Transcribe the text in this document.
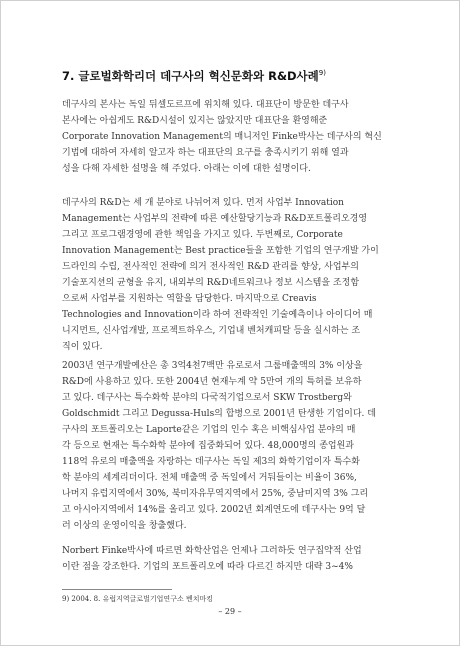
7. 글로벌화학리더 데구사의 혁신문화와 R&D사례$^{9)}$
데구사의 본사는 독일 뒤셀도르프에 위치해 있다. 대표단이 방문한 데구사
본사에는 아쉽게도 R&D시설이 있지는 않았지만 대표단을 환영해준
Corporate Innovation Management의 매니저인 Finke박사는 데구사의 혁신
기법에 대하여 자세히 알고자 하는 대표단의 요구를 충족시키기 위해 열과
성을 다해 자세한 설명을 해 주었다. 아래는 이에 대한 설명이다.
데구사의 R&D는 세 개 분야로 나뉘어져 있다. 먼저 사업부 Innovation
Management는 사업부의 전략에 따른 예산할당기능과 R&D포트폴리오경영
그리고 프로그램경영에 관한 책임을 가지고 있다. 두번째로, Corporate
Innovation Management는 Best practice들을 포함한 기업의 연구개발 가이
드라인의 수립, 전사적인 전략에 의거 전사적인 R&D 관리를 향상, 사업부의
기술포지션의 균형을 유지, 내외부의 R&D네트워크나 정보 시스템을 조정함
으로써 사업부를 지원하는 역할을 담당한다. 마지막으로 Creavis
Technologies and Innovation이라 하여 전략적인 기술예측이나 아이디어 매
니지먼트, 신사업개발, 프로젝트하우스, 기업내 벤처캐피탈 등을 실시하는 조
직이 있다.
2003년 연구개발예산은 총 3억4천7백만 유로로서 그룹매출액의 3% 이상을
R&D에 사용하고 있다. 또한 2004년 현재누계 약 5만여 개의 특허를 보유하
고 있다. 데구사는 특수화학 분야의 다국적기업으로서 SKW Trostberg와
Goldschmidt 그리고 Degussa-Huls의 합병으로 2001년 탄생한 기업이다. 데
구사의 포트폴리오는 Laporte같은 기업의 인수 혹은 비핵심사업 분야의 매
각 등으로 현재는 특수화학 분야에 집중화되어 있다. 48,000명의 종업원과
118억 유로의 매출액을 자랑하는 데구사는 독일 제3의 화학기업이자 특수화
학 분야의 세계리더이다. 전체 매출액 중 독일에서 거둬들이는 비율이 36%,
나머지 유럽지역에서 30%, 북미자유무역지역에서 25%, 중남미지역 3% 그리
고 아시아지역에서 14%를 올리고 있다. 2002년 회계연도에 데구사는 9억 달
러 이상의 운영이익을 창출했다.
Norbert Finke박사에 따르면 화학산업은 언제나 그러하듯 연구집약적 산업
이란 점을 강조한다. 기업의 포트폴리오에 따라 다르긴 하지만 대략 3~4%
9) 2004. 8. 유럽지역글로벌기업연구소 벤치마킹
– 29 –
